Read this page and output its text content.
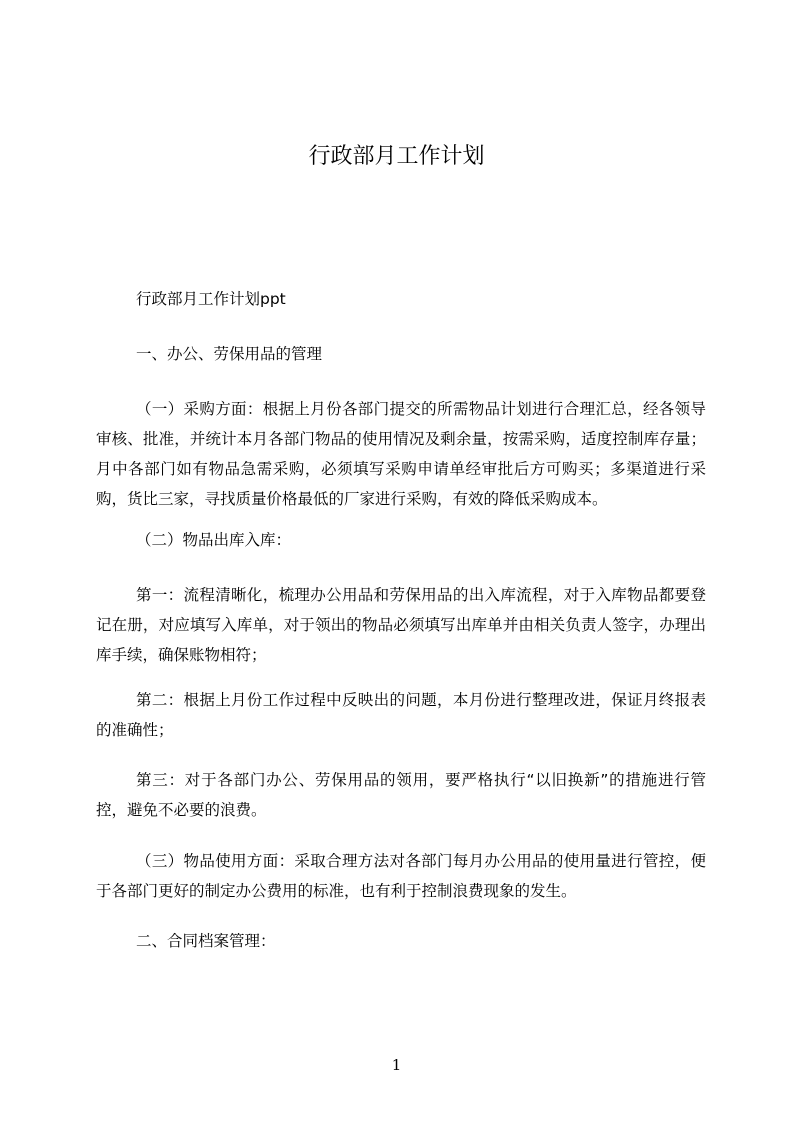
行政部月工作计划

行政部月工作计划ppt

一、办公、劳保用品的管理

（一）采购方面：根据上月份各部门提交的所需物品计划进行合理汇总，经各领导审核、批准，并统计本月各部门物品的使用情况及剩余量，按需采购，适度控制库存量；月中各部门如有物品急需采购，必须填写采购申请单经审批后方可购买；多渠道进行采购，货比三家，寻找质量价格最低的厂家进行采购，有效的降低采购成本。

（二）物品出库入库：

第一：流程清晰化，梳理办公用品和劳保用品的出入库流程，对于入库物品都要登记在册，对应填写入库单，对于领出的物品必须填写出库单并由相关负责人签字，办理出库手续，确保账物相符；

第二：根据上月份工作过程中反映出的问题，本月份进行整理改进，保证月终报表的准确性；

第三：对于各部门办公、劳保用品的领用，要严格执行“以旧换新”的措施进行管控，避免不必要的浪费。

（三）物品使用方面：采取合理方法对各部门每月办公用品的使用量进行管控，便于各部门更好的制定办公费用的标准，也有利于控制浪费现象的发生。

二、合同档案管理：

1
